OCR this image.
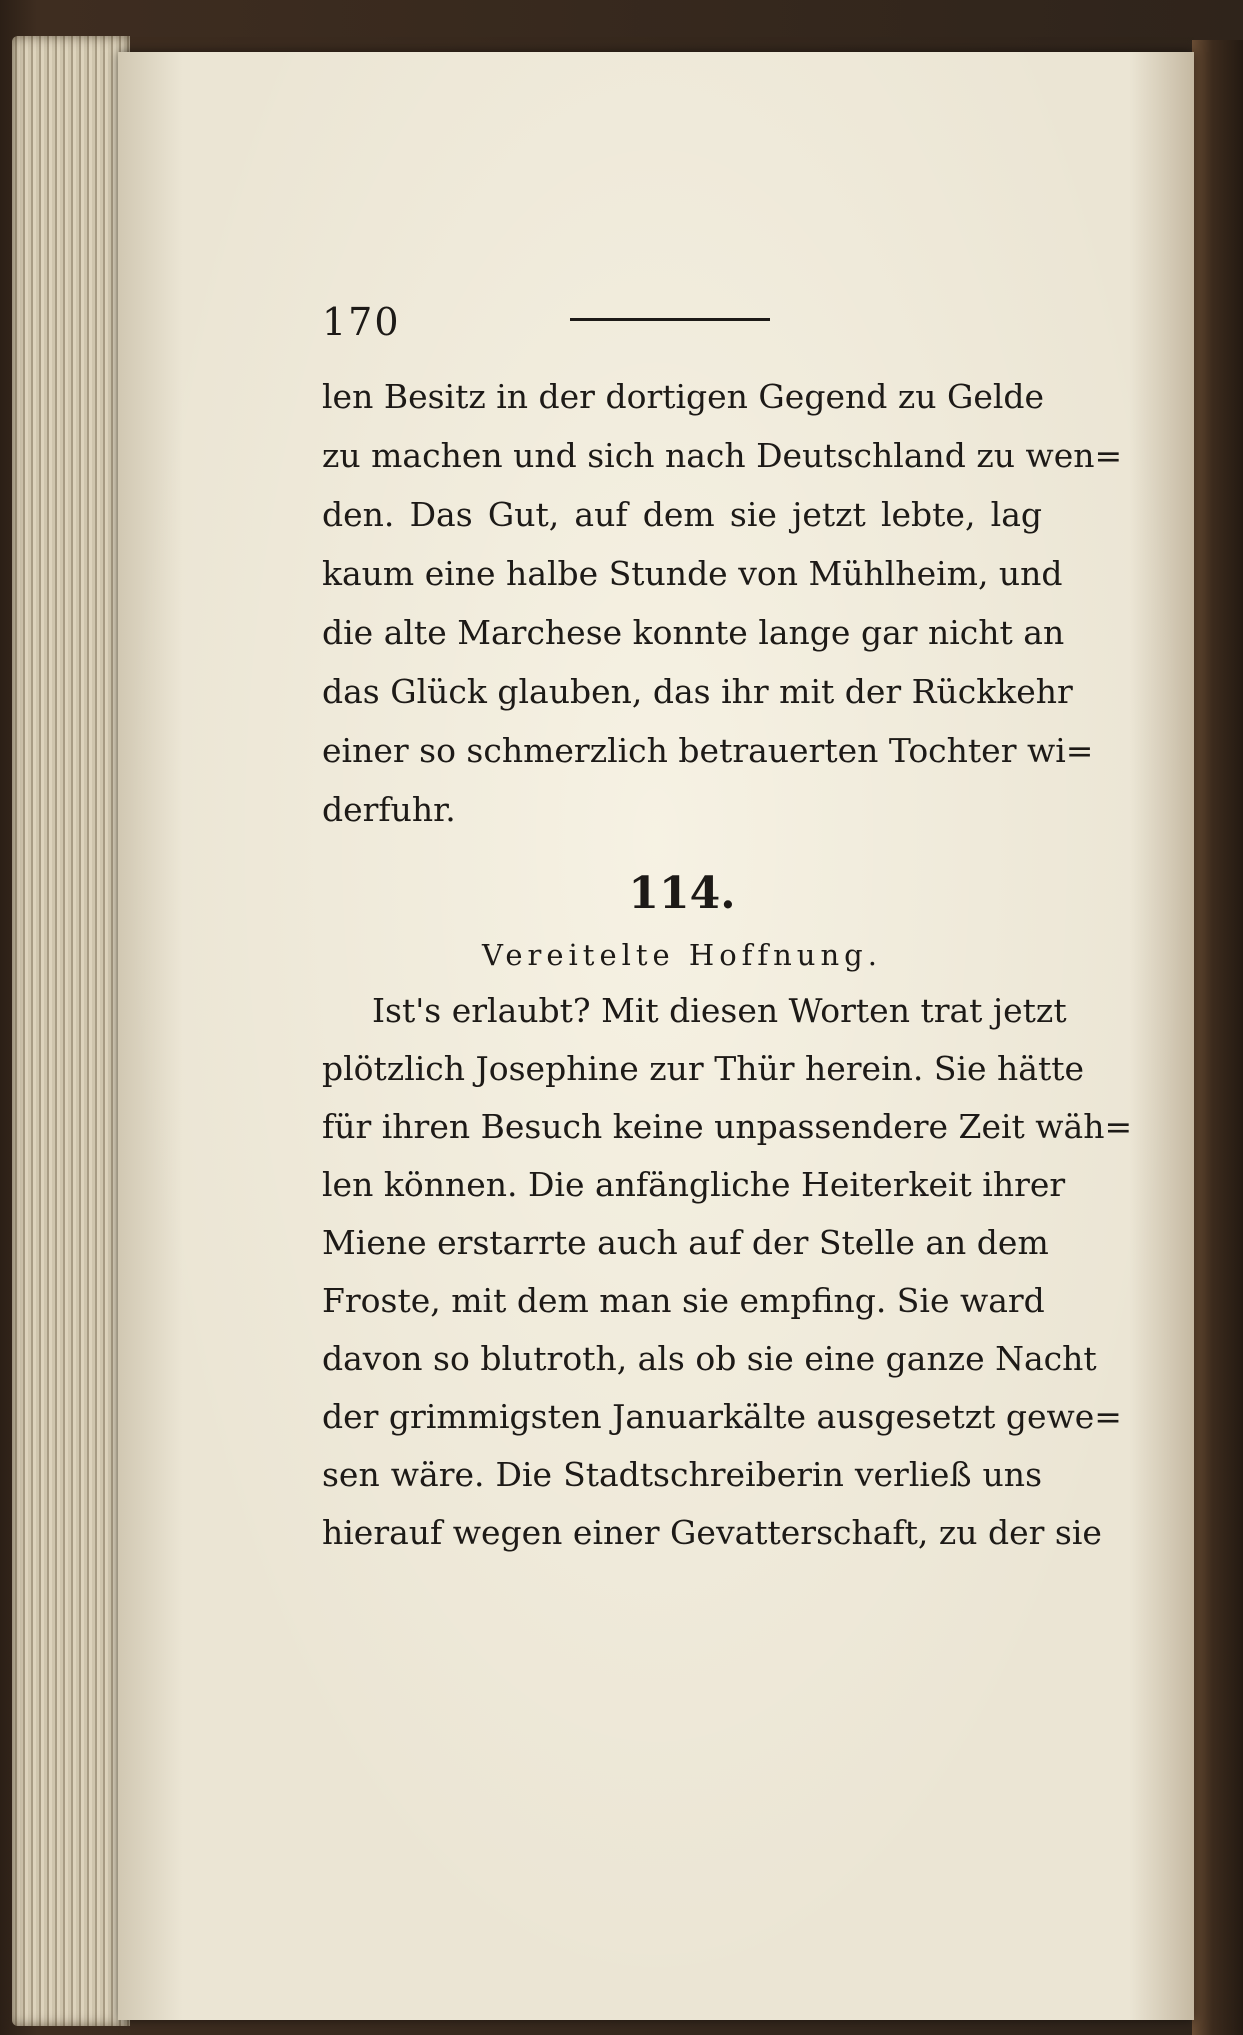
170
len Besitz in der dortigen Gegend zu Gelde
zu machen und sich nach Deutschland zu wen=
den. Das Gut, auf dem sie jetzt lebte, lag
kaum eine halbe Stunde von Mühlheim, und
die alte Marchese konnte lange gar nicht an
das Glück glauben, das ihr mit der Rückkehr
einer so schmerzlich betrauerten Tochter wi=
derfuhr.
114.
Vereitelte Hoffnung.
Ist's erlaubt? Mit diesen Worten trat jetzt
plötzlich Josephine zur Thür herein. Sie hätte
für ihren Besuch keine unpassendere Zeit wäh=
len können. Die anfängliche Heiterkeit ihrer
Miene erstarrte auch auf der Stelle an dem
Froste, mit dem man sie empfing. Sie ward
davon so blutroth, als ob sie eine ganze Nacht
der grimmigsten Januarkälte ausgesetzt gewe=
sen wäre. Die Stadtschreiberin verließ uns
hierauf wegen einer Gevatterschaft, zu der sie
